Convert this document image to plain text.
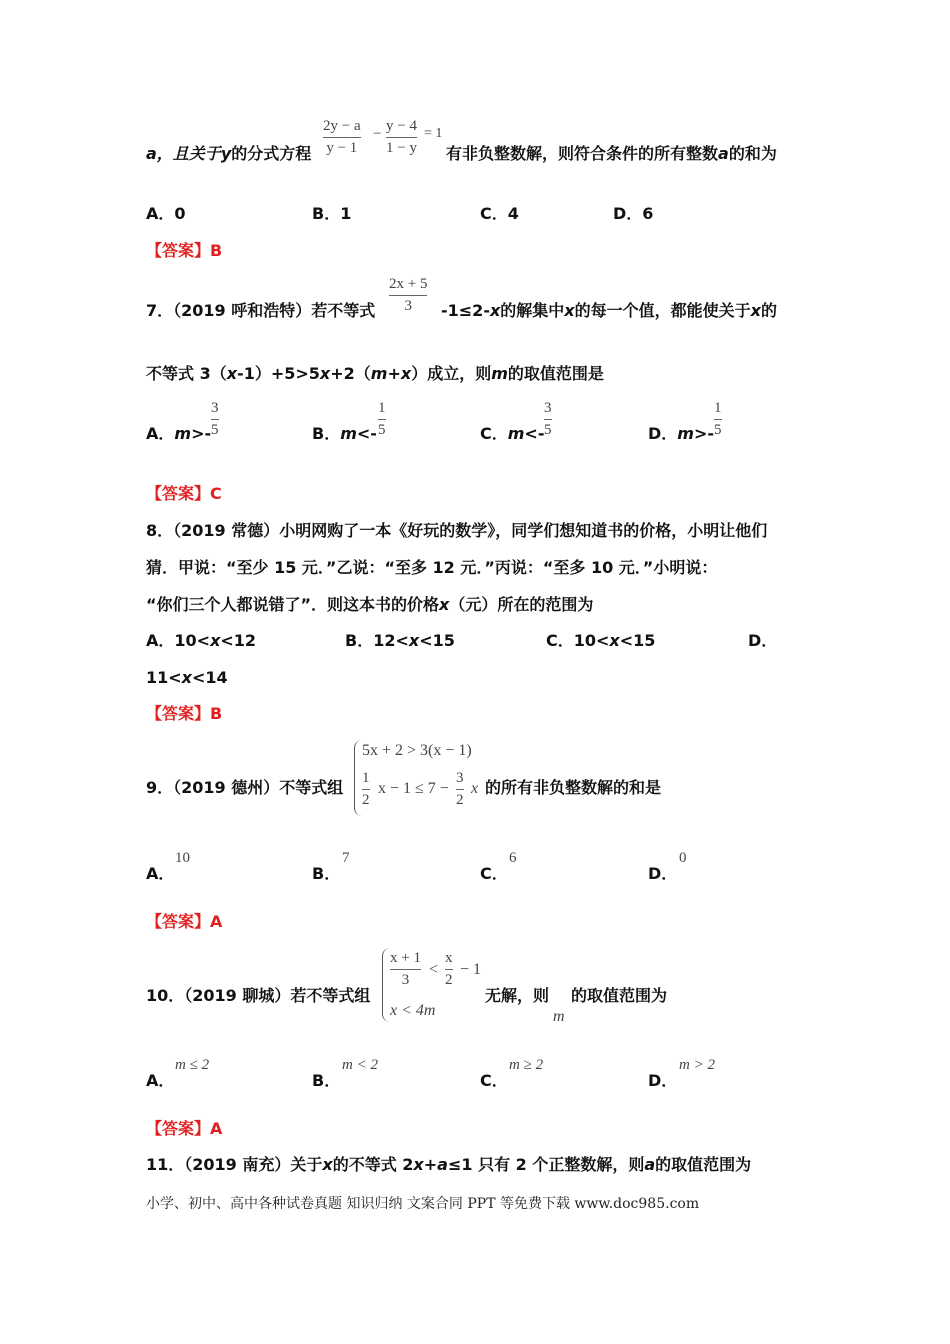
a，且关于y的分式方程
2y − a
y − 1
− y − 4
1 − y
= 1
有非负整数解，则符合条件的所有整数a的和为
A．0	B．1	C．4	D．6
【答案】B
7．（2019 呼和浩特）若不等式
2x + 5
3 -1≤2-x的解集中x的每一个值，都能使关于x的
不等式 3（x-1）+5>5x+2（m+x）成立，则m的取值范围是
A．m>-
3
5	B．m<-
1
5	C．m<-
3
5	D．m>-
1
5
【答案】C
8．（2019 常德）小明网购了一本《好玩的数学》，同学们想知道书的价格，小明让他们
猜．甲说：“至少 15 元．”乙说：“至多 12 元．”丙说：“至多 10 元．”小明说：
“你们三个人都说错了”．则这本书的价格x（元）所在的范围为
A．10<x<12	B．12<x<15	C．10<x<15	D．
11<x<14
【答案】B
9．（2019 德州）不等式组
5x + 2 > 3(x − 1)
1
2
x − 1 ≤ 7 −
3
2
x 的所有非负整数解的和是
A．
10
B．
7
C．
6
D．
0
【答案】A
10．（2019 聊城）若不等式组
x + 1
3
<
x
2
− 1
x < 4m
无解，则
m
的取值范围为
A．
m ≤ 2
B．
m < 2
C．
m ≥ 2
D．
m > 2
【答案】A
11．（2019 南充）关于x的不等式 2x+a≤1 只有 2 个正整数解，则a的取值范围为
小学、初中、高中各种试卷真题 知识归纳 文案合同 PPT 等免费下载 www.doc985.com
